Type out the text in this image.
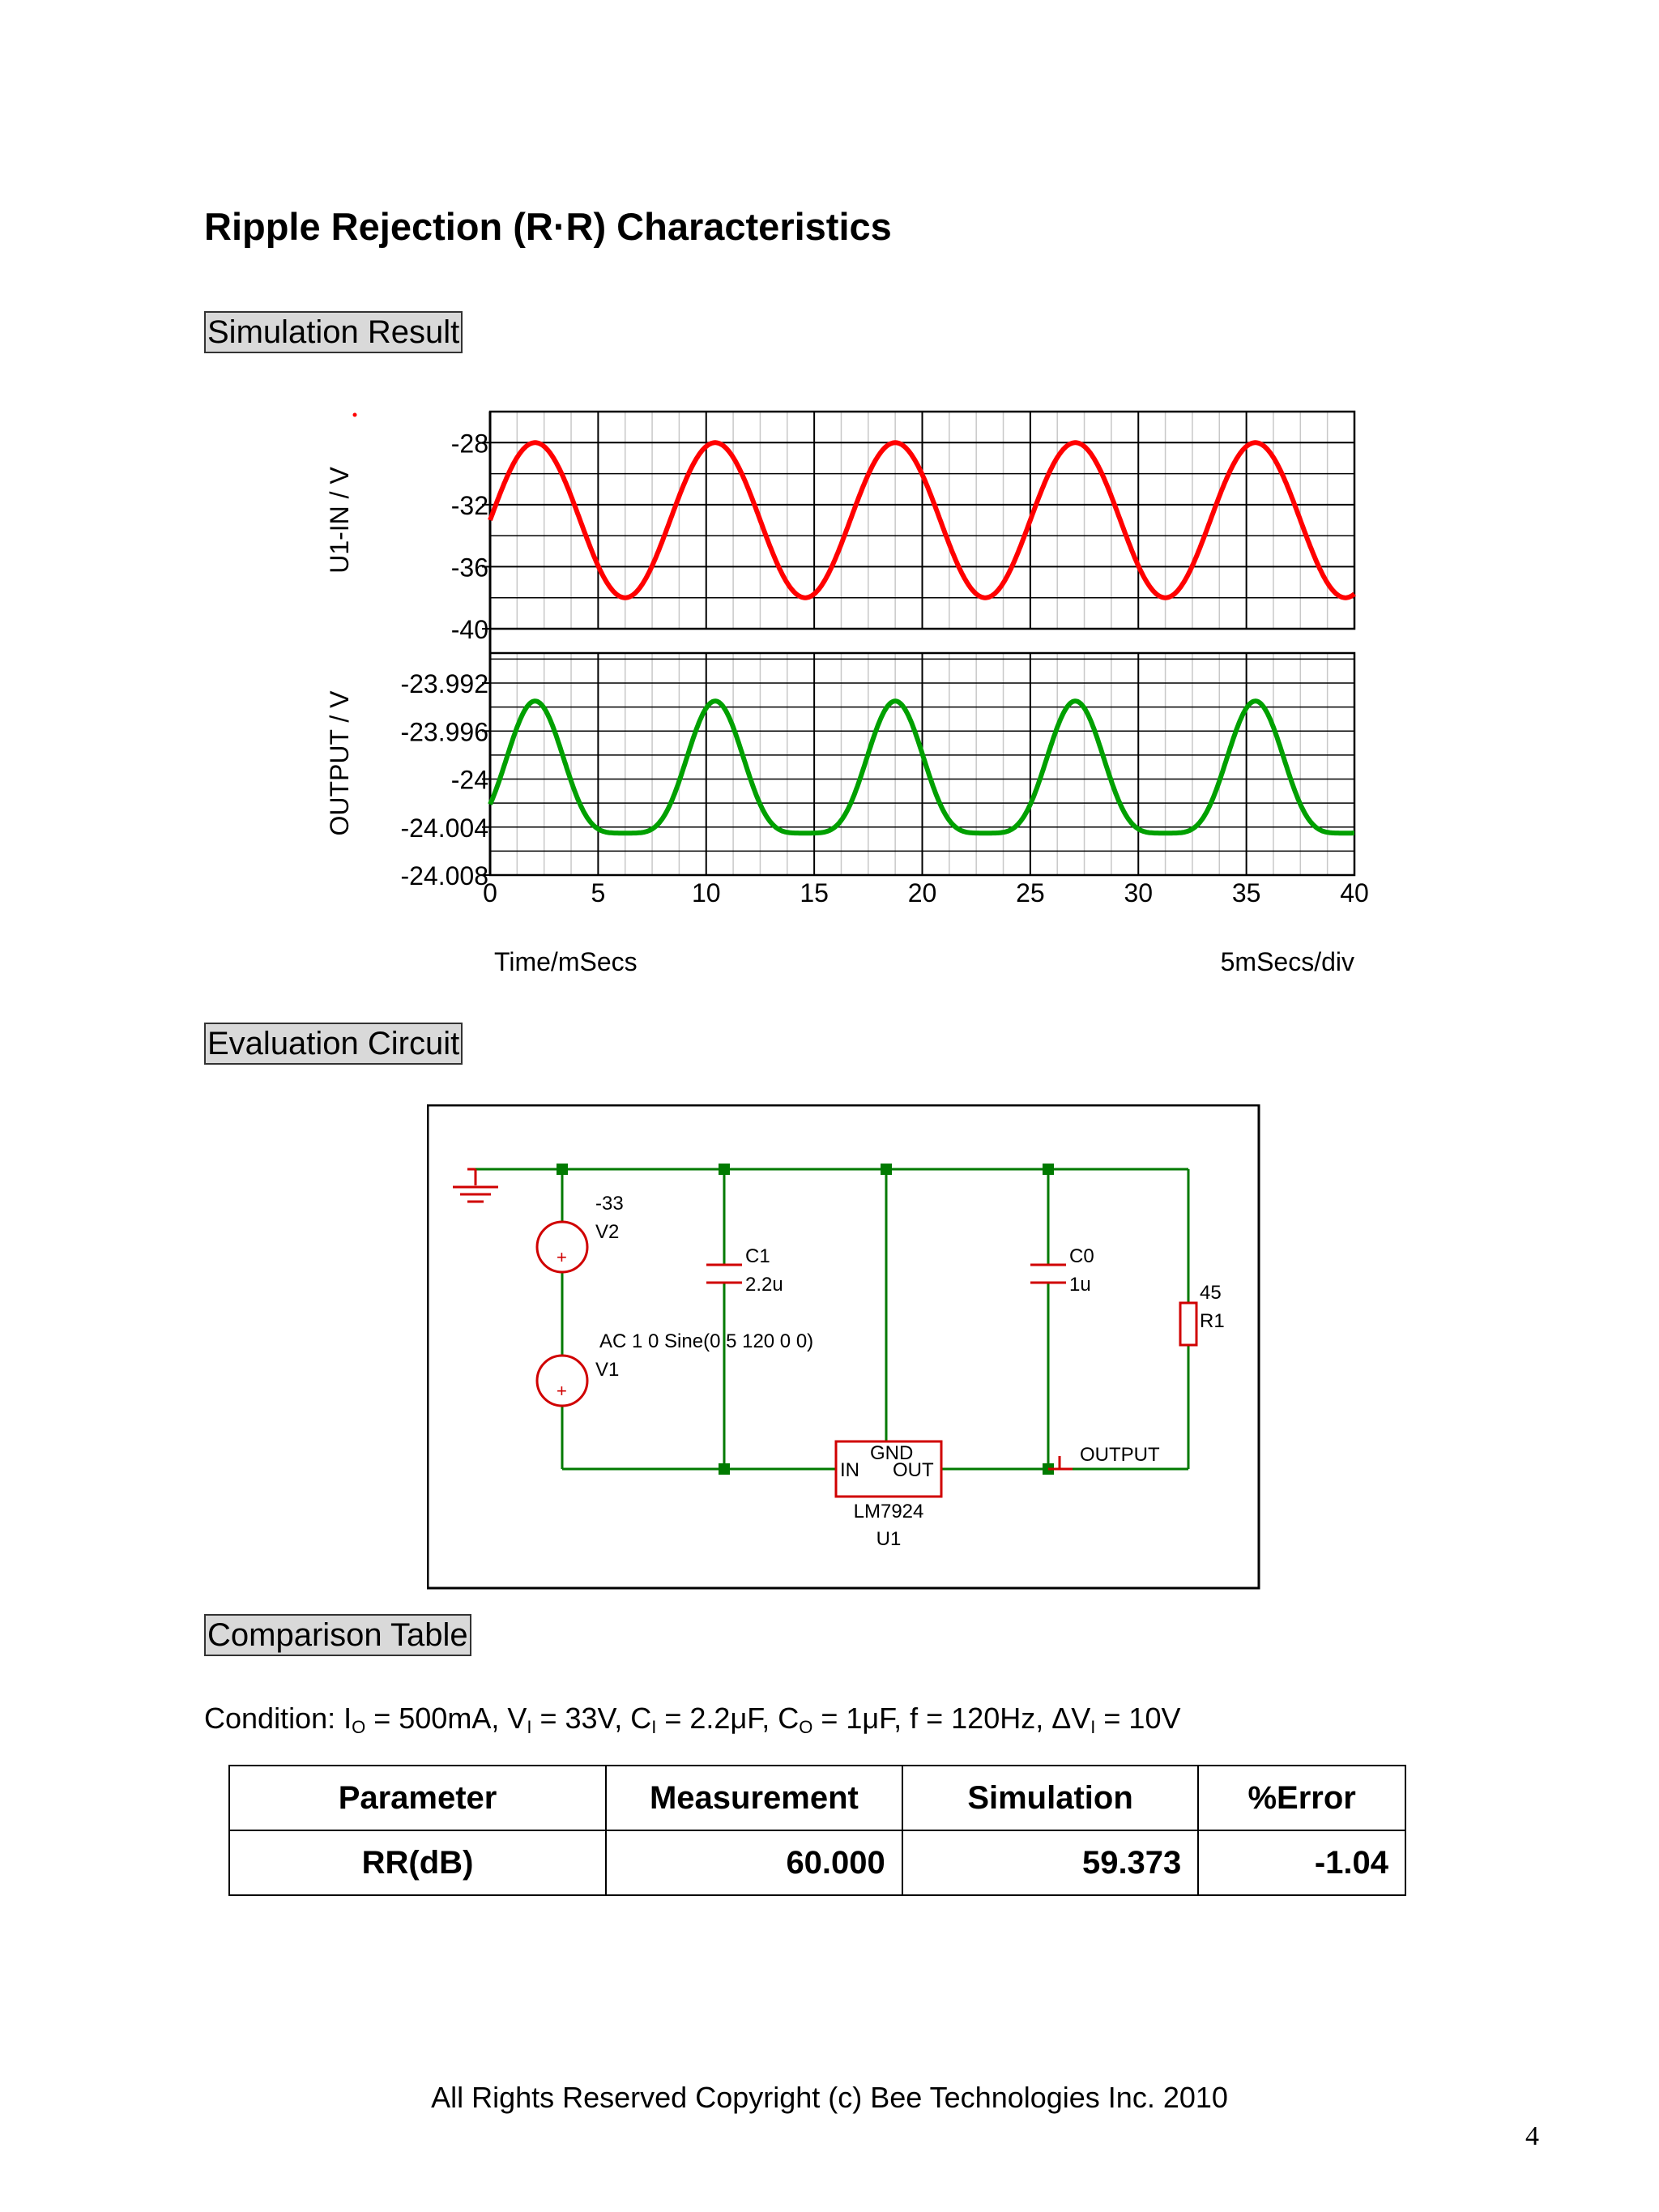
Ripple Rejection (R·R) Characteristics
Simulation Result
-28
-32
-36
-40
-23.992
-23.996
-24
-24.004
-24.008
0	5	10	15	20	25	30	35	40
U1-IN / V
OUTPUT / V
Time/mSecs	5mSecs/div
Evaluation Circuit
+
+
-33
V2
AC 1 0 Sine(0 5 120 0 0)
V1
C1
2.2u
C0
1u	45
R1
GND
IN OUT
LM7924
U1
OUTPUT
Comparison Table
Condition: $I_O = 500mA$, $V_I = 33V$, $C_I = 2.2\mu F$, $C_O = 1\mu F$, f = 120Hz, $\Delta V_I = 10V$
Parameter	Measurement	Simulation	%Error
RR(dB)	60.000	59.373	-1.04
All Rights Reserved Copyright (c) Bee Technologies Inc. 2010
4
